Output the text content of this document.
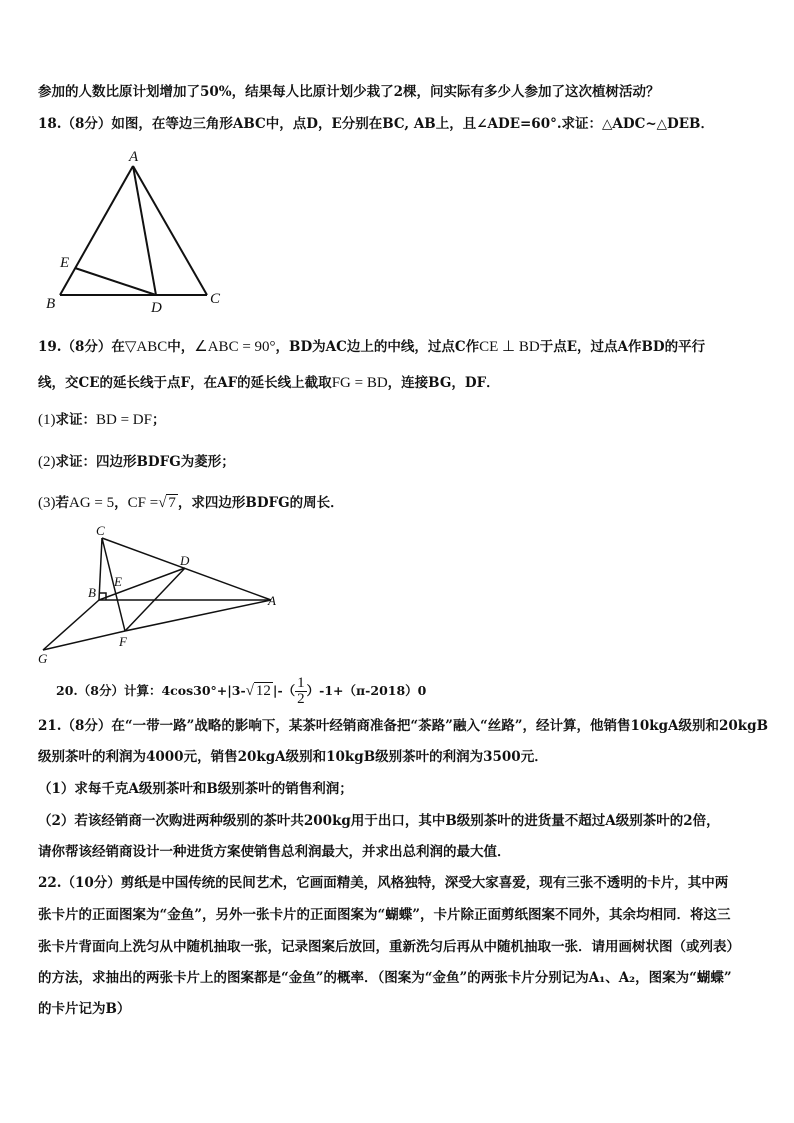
参加的人数比原计划增加了50%，结果每人比原计划少栽了2棵，问实际有多少人参加了这次植树活动？
18.（8分）如图，在等边三角形ABC中，点D，E分别在BC, AB上，且∠ADE=60°.求证：△ADC~△DEB．
A
E
B	D
C
19.（8分）在▽ABC中，∠ABC = 90°，BD为AC边上的中线，过点C作CE ⊥ BD于点E，过点A作BD的平行
线，交CE的延长线于点F，在AF的延长线上截取FG = BD，连接BG，DF．
(1)求证：BD = DF；
(2)求证：四边形BDFG为菱形；
(3)若AG = 5，CF =√ 7 ，求四边形BDFG的周长．
C
D
E
B
A
F
G
20.（8分）计算：4cos30°+|3-√ 12 |-（ $\frac{1}{2} )-1+(\pi-2018)0$
21.（8分）在“一带一路”战略的影响下，某茶叶经销商准备把“茶路”融入“丝路”，经计算，他销售10kgA级别和20kgB
级别茶叶的利润为4000元，销售20kgA级别和10kgB级别茶叶的利润为3500元．
（1）求每千克A级别茶叶和B级别茶叶的销售利润；
（2）若该经销商一次购进两种级别的茶叶共200kg用于出口，其中B级别茶叶的进货量不超过A级别茶叶的2倍，
请你帮该经销商设计一种进货方案使销售总利润最大，并求出总利润的最大值．
22.（10分）剪纸是中国传统的民间艺术，它画面精美，风格独特，深受大家喜爱，现有三张不透明的卡片，其中两
张卡片的正面图案为“金鱼”，另外一张卡片的正面图案为“蝴蝶”，卡片除正面剪纸图案不同外，其余均相同．将这三
张卡片背面向上洗匀从中随机抽取一张，记录图案后放回，重新洗匀后再从中随机抽取一张．请用画树状图（或列表）
的方法，求抽出的两张卡片上的图案都是“金鱼”的概率．（图案为“金鱼”的两张卡片分别记为A₁、A₂，图案为“蝴蝶”
的卡片记为B）
